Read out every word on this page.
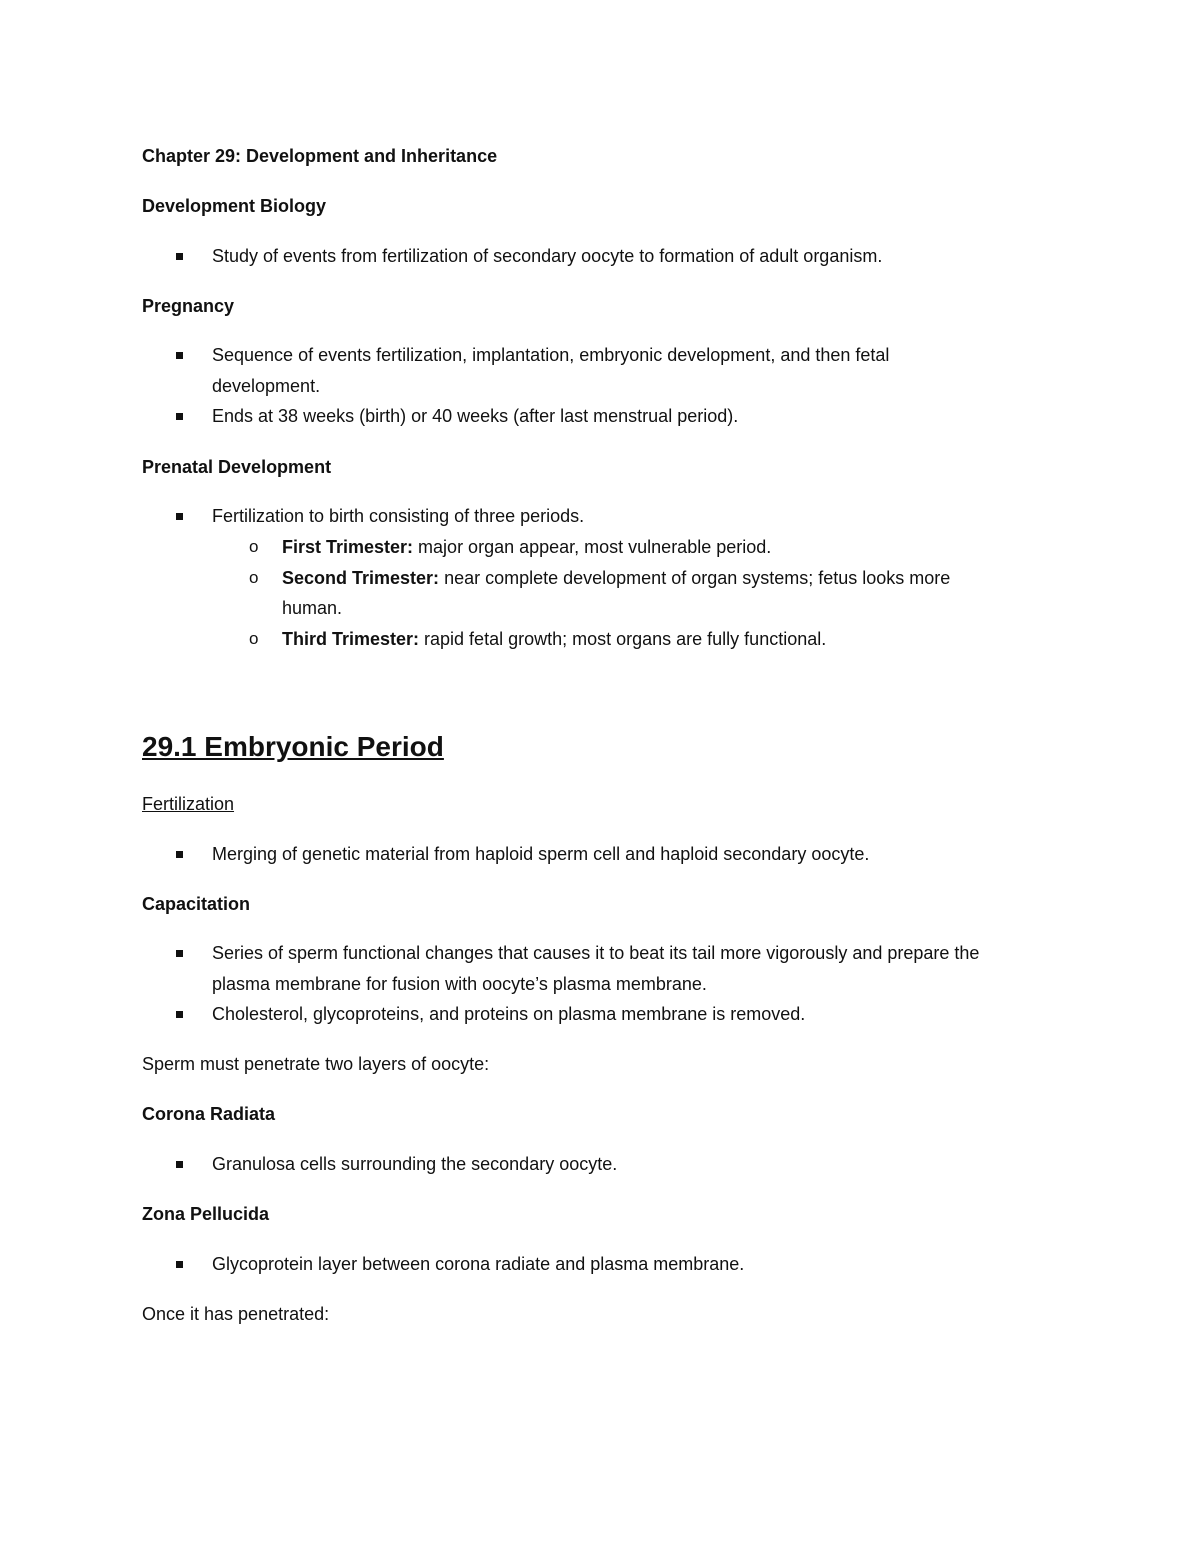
Chapter 29: Development and Inheritance
Development Biology
Study of events from fertilization of secondary oocyte to formation of adult organism.
Pregnancy
Sequence of events fertilization, implantation, embryonic development, and then fetal
development.
Ends at 38 weeks (birth) or 40 weeks (after last menstrual period).
Prenatal Development
Fertilization to birth consisting of three periods.
o First Trimester: major organ appear, most vulnerable period.
o Second Trimester: near complete development of organ systems; fetus looks more
human.
o Third Trimester: rapid fetal growth; most organs are fully functional.
29.1 Embryonic Period
Fertilization
Merging of genetic material from haploid sperm cell and haploid secondary oocyte.
Capacitation
Series of sperm functional changes that causes it to beat its tail more vigorously and prepare the
plasma membrane for fusion with oocyte’s plasma membrane.
Cholesterol, glycoproteins, and proteins on plasma membrane is removed.
Sperm must penetrate two layers of oocyte:
Corona Radiata
Granulosa cells surrounding the secondary oocyte.
Zona Pellucida
Glycoprotein layer between corona radiate and plasma membrane.
Once it has penetrated:
